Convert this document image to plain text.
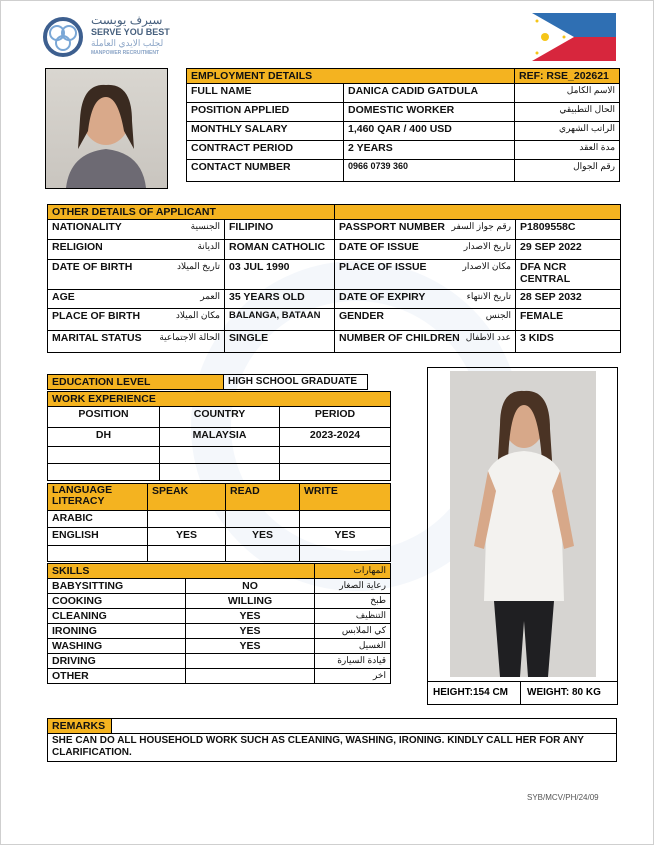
سيرف يوبست
SERVE YOU BEST
لجلب الايدي العاملة
MANPOWER RECRUITMENT
EMPLOYMENT DETAILS		REF: RSE_202621
FULL NAME	DANICA CADID GATDULA	الاسم الكامل
POSITION APPLIED	DOMESTIC WORKER	الحال التطبيقي
MONTHLY SALARY	1,460 QAR / 400 USD	الراتب الشهري
CONTRACT PERIOD	2 YEARS	مدة العقد
CONTACT NUMBER	0966 0739 360	رقم الجوال
OTHER DETAILS OF APPLICANT			

NATIONALITY الجنسية	FILIPINO	PASSPORT NUMBER رقم جواز السفر	P1809558C

RELIGION الديانة	ROMAN CATHOLIC	DATE OF ISSUE تاريخ الاصدار	29 SEP 2022

DATE OF BIRTH تاريخ الميلاد	03 JUL 1990	PLACE OF ISSUE مكان الاصدار	DFA NCR CENTRAL

AGE العمر	35 YEARS OLD	DATE OF EXPIRY تاريخ الانتهاء	28 SEP 2032

PLACE OF BIRTH مكان الميلاد	BALANGA, BATAAN	GENDER الجنس	FEMALE

MARITAL STATUS الحالة الاجتماعية	SINGLE	NUMBER OF CHILDREN عدد الاطفال	3 KIDS
EDUCATION LEVEL	HIGH SCHOOL GRADUATE
WORK EXPERIENCE		
POSITION	COUNTRY	PERIOD
DH	MALAYSIA	2023-2024

LANGUAGE LITERACY	SPEAK	READ	WRITE
ARABIC			
ENGLISH	YES	YES	YES

SKILLS		المهارات
BABYSITTING	NO	رعاية الصغار
COOKING	WILLING	طبخ
CLEANING	YES	التنظيف
IRONING	YES	كي الملابس
WASHING	YES	الغسيل
DRIVING		قيادة السيارة
OTHER		اخر
HEIGHT:154 CM WEIGHT: 80 KG
REMARKS	
SHE CAN DO ALL HOUSEHOLD WORK SUCH AS CLEANING, WASHING, IRONING. KINDLY CALL HER FOR ANY CLARIFICATION.
SYB/MCV/PH/24/09
